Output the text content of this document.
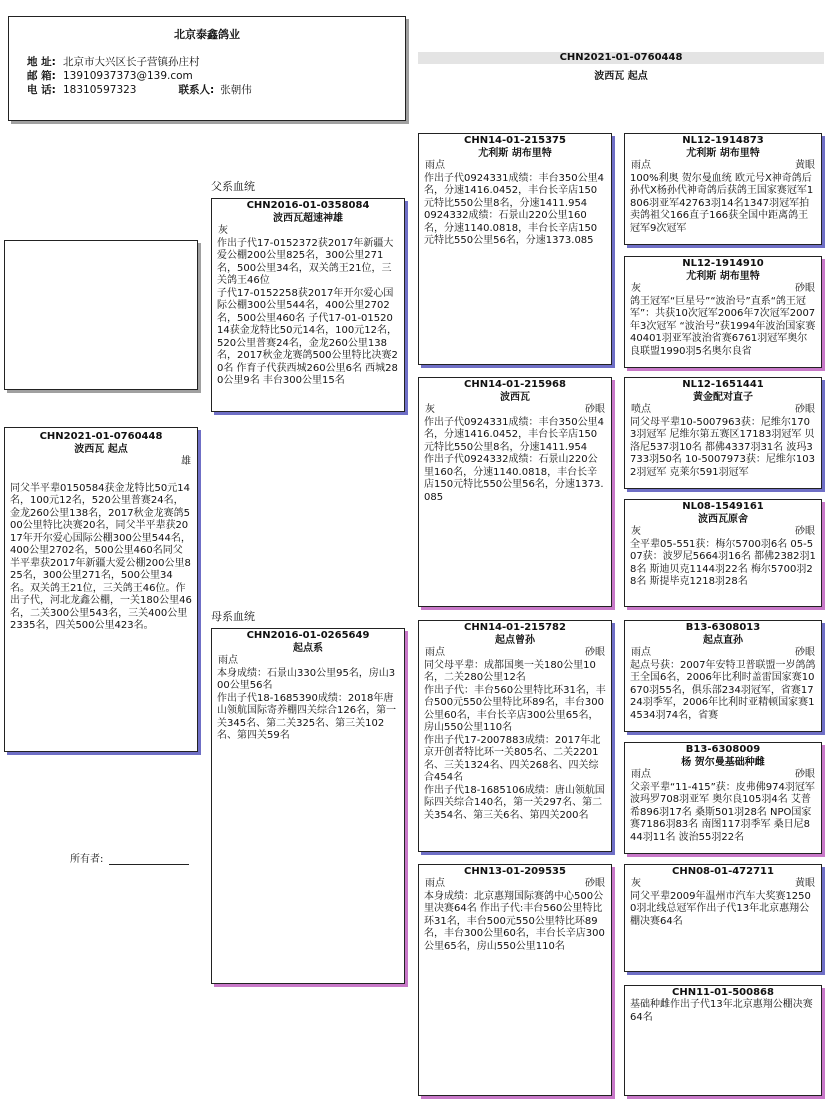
北京泰鑫鸽业
地 址: 北京市大兴区长子营镇孙庄村
邮 箱: 13910937373@139.com
电 话: 18310597323	联系人: 张朝伟
CHN2021-01-0760448
波西瓦 起点
父系血统
母系血统
CHN2021-01-0760448
波西瓦 起点
雄
同父半平辈0150584获金龙特比50元14名，100元12名，520公里普赛24名，金龙260公里138名，2017秋金龙赛鸽500公里特比决赛20名，同父半平辈获2017年开尔爱心国际公棚300公里544名，400公里2702名，500公里460名同父半平辈获2017年新疆大爱公棚200公里825名，300公里271名，500公里34名。双关鸽王21位，三关鸽王46位。作出子代，河北龙鑫公棚，一关180公里46名，二关300公里543名，三关400公里2335名，四关500公里423名。
所有者:
CHN2016-01-0358084
波西瓦超速神雄
灰
作出子代17-0152372获2017年新疆大爱公棚200公里825名，300公里271名，500公里34名，双关鸽王21位，三关鸽王46位
子代17-0152258获2017年开尔爱心国际公棚300公里544名，400公里2702名，500公里460名 子代17-01-0152014获金龙特比50元14名，100元12名，520公里普赛24名，金龙260公里138名，2017秋金龙赛鸽500公里特比决赛20名 作育子代获西城260公里6名 西城280公里9名 丰台300公里15名
CHN2016-01-0265649
起点系
雨点
本身成绩：石景山330公里95名，房山300公里56名
作出子代18-1685390成绩：2018年唐山领航国际寄养棚四关综合126名，第一关345名、第二关325名、第三关102名、第四关59名
CHN14-01-215375
尤利斯 胡布里特
雨点
作出子代0924331成绩：丰台350公里4名，分速1416.0452，丰台长辛店150元特比550公里8名，分速1411.954
0924332成绩：石景山220公里160名，分速1140.0818，丰台长辛店150元特比550公里56名，分速1373.085
CHN14-01-215968
波西瓦
灰	砂眼
作出子代0924331成绩：丰台350公里4名，分速1416.0452，丰台长辛店150元特比550公里8名，分速1411.954
作出子代0924332成绩：石景山220公里160名，分速1140.0818，丰台长辛店150元特比550公里56名，分速1373.085
CHN14-01-215782
起点曾孙
雨点	砂眼
同父母平辈：成都国奥一关180公里10名，二关280公里12名
作出子代：丰台560公里特比环31名，丰台500元550公里特比环89名，丰台300公里60名，丰台长辛店300公里65名，房山550公里110名
作出子代17-2007883成绩：2017年北京开创者特比环一关805名、二关2201名、三关1324名、四关268名、四关综合454名
作出子代18-1685106成绩：唐山领航国际四关综合140名，第一关297名、第二关354名、第三关6名、第四关200名
CHN13-01-209535
雨点	砂眼
本身成绩：北京惠翔国际赛鸽中心500公里决赛64名 作出子代:丰台560公里特比环31名，丰台500元550公里特比环89名，丰台300公里60名，丰台长辛店300公里65名，房山550公里110名
NL12-1914873
尤利斯 胡布里特
雨点	黄眼
100%利奥 贺尔曼血统 欧元号X神奇鸽后孙代X杨孙代神奇鸽后获鸽王国家赛冠军1806羽亚军42763羽14名1347羽冠军拍卖鸽祖父166直子166获全国中距离鸽王冠军9次冠军
NL12-1914910
尤利斯 胡布里特
灰	砂眼
鸽王冠军“巨星号”“波治号”直系“鸽王冠军”：共获10次冠军2006年7次冠军2007年3次冠军 “波治号”获1994年波治国家赛40401羽亚军波治省赛6761羽冠军奥尔良联盟1990羽5名奥尔良省
NL12-1651441
黄金配对直子
喷点	砂眼
同父母平辈10-5007963获：尼维尔1703羽冠军 尼维尔第五赛区17183羽冠军 贝洛尼537羽10名 都佛4337羽31名 波玛3733羽50名 10-5007973获：尼维尔1032羽冠军 克莱尔591羽冠军
NL08-1549161
波西瓦原舍
灰	砂眼
全平辈05-551获：梅尔5700羽6名 05-507获：波罗尼5664羽16名 都佛2382羽18名 斯迪贝克1144羽22名 梅尔5700羽28名 斯提毕克1218羽28名
B13-6308013
起点直孙
雨点	砂眼
起点号获：2007年安特卫普联盟一岁鸽鸽王全国6名，2006年比利时盖雷国家赛10670羽55名，俱乐部234羽冠军，省赛1724羽季军，2006年比利时亚精顿国家赛14534羽74名，省赛
B13-6308009
杨 贺尔曼基础种雌
雨点	砂眼
父亲平辈“11-415”获：皮弗佛974羽冠军 波玛罗708羽亚军 奥尔良105羽4名 艾普希896羽17名 桑斯501羽28名 NPO国家赛7186羽83名 南图117羽季军 桑日尼844羽11名 波治55羽22名
CHN08-01-472711
灰	黄眼
同父平辈2009年温州市汽车大奖赛12500羽北线总冠军作出子代13年北京惠翔公棚决赛64名
CHN11-01-500868
基础种雌作出子代13年北京惠翔公棚决赛64名
